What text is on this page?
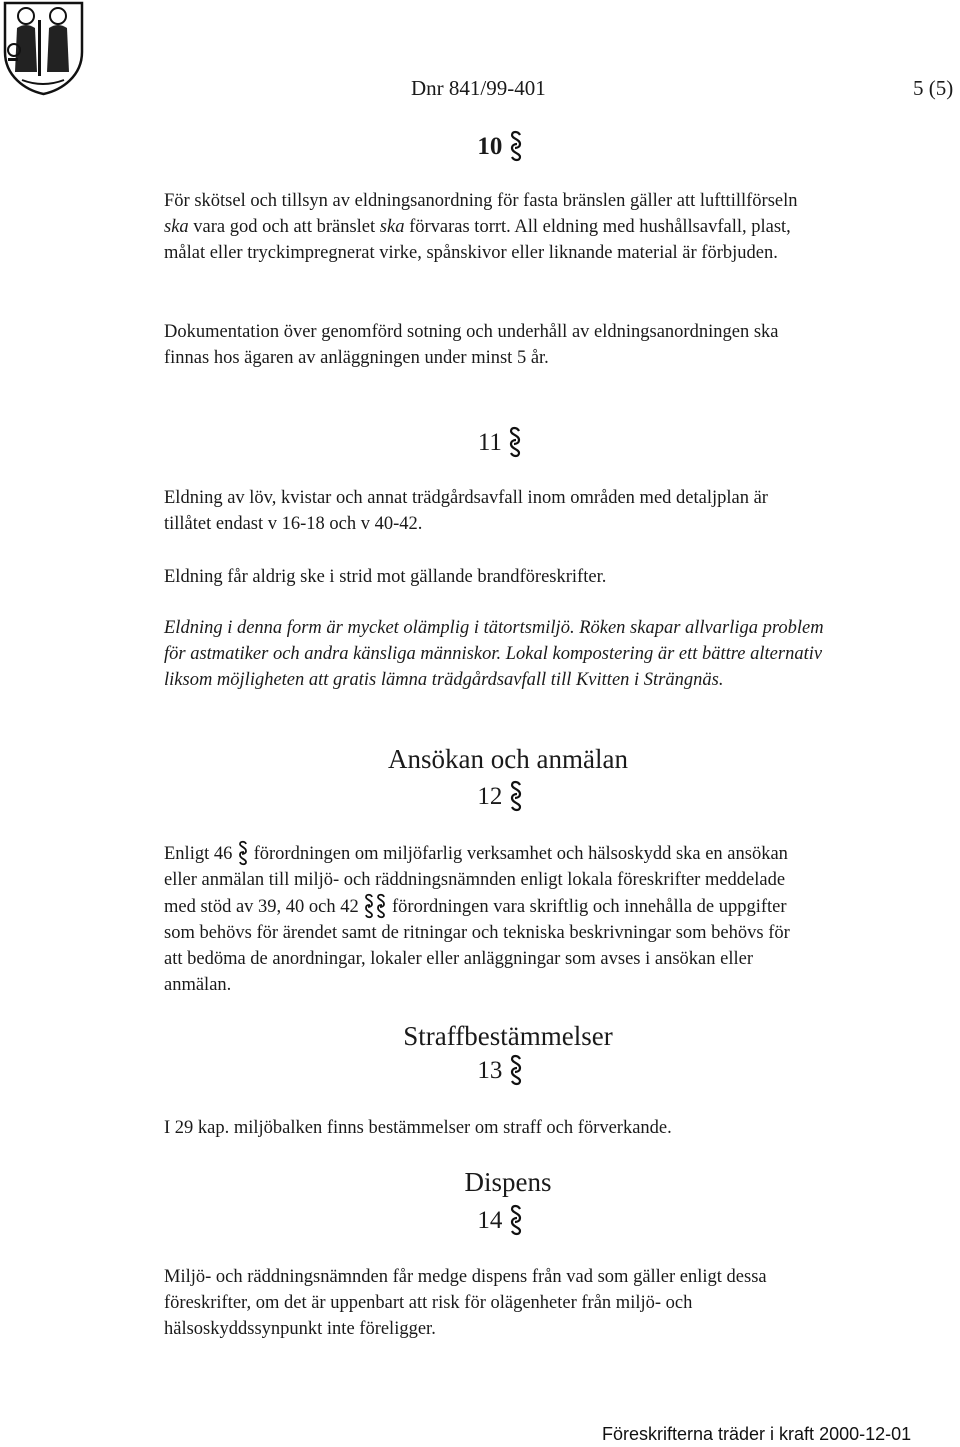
Dnr 841/99-401	5 (5)
10

För skötsel och tillsyn av eldningsanordning för fasta bränslen gäller att lufttillförseln ska vara god och att bränslet ska förvaras torrt. All eldning med hushållsavfall, plast, målat eller tryckimpregnerat virke, spånskivor eller liknande material är förbjuden.

Dokumentation över genomförd sotning och underhåll av eldningsanordningen ska finnas hos ägaren av anläggningen under minst 5 år.

11

Eldning av löv, kvistar och annat trädgårdsavfall inom områden med detaljplan är tillåtet endast v 16-18 och v 40-42.

Eldning får aldrig ske i strid mot gällande brandföreskrifter.

Eldning i denna form är mycket olämplig i tätortsmiljö. Röken skapar allvarliga problem för astmatiker och andra känsliga människor. Lokal kompostering är ett bättre alternativ liksom möjligheten att gratis lämna trädgårdsavfall till Kvitten i Strängnäs.

Ansökan och anmälan
12

Enligt 46 förordningen om miljöfarlig verksamhet och hälsoskydd ska en ansökan eller anmälan till miljö- och räddningsnämnden enligt lokala föreskrifter meddelade med stöd av 39, 40 och 42 förordningen vara skriftlig och innehålla de uppgifter som behövs för ärendet samt de ritningar och tekniska beskrivningar som behövs för att bedöma de anordningar, lokaler eller anläggningar som avses i ansökan eller anmälan.

Straffbestämmelser
13

I 29 kap. miljöbalken finns bestämmelser om straff och förverkande.

Dispens
14

Miljö- och räddningsnämnden får medge dispens från vad som gäller enligt dessa föreskrifter, om det är uppenbart att risk för olägenheter från miljö- och hälsoskyddssynpunkt inte föreligger.

Föreskrifterna träder i kraft 2000-12-01
